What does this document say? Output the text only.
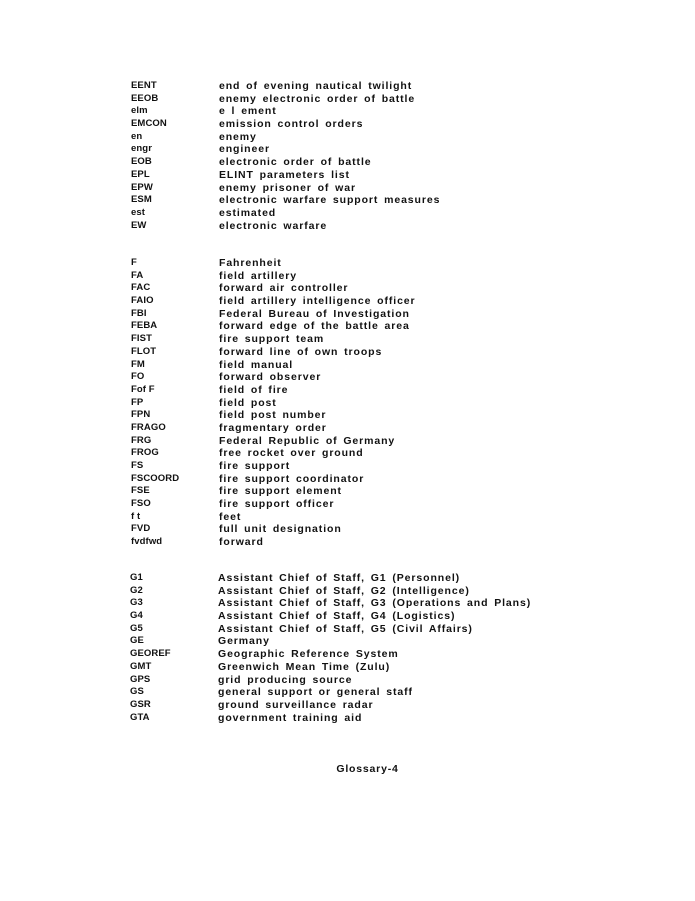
EENT	end of evening nautical twilight
EEOB	enemy electronic order of battle
elm	e l ement
EMCON	emission control orders
en	enemy
engr	engineer
EOB	electronic order of battle
EPL	ELINT parameters list
EPW	enemy prisoner of war
ESM	electronic warfare support measures
est	estimated
EW	electronic warfare
F	Fahrenheit
FA	field artillery
FAC	forward air controller
FAIO	field artillery intelligence officer
FBI	Federal Bureau of Investigation
FEBA	forward edge of the battle area
FIST	fire support team
FLOT	forward line of own troops
FM	field manual
FO	forward observer
Fof F	field of fire
FP	field post
FPN	field post number
FRAGO	fragmentary order
FRG	Federal Republic of Germany
FROG	free rocket over ground
FS	fire support
FSCOORD	fire support coordinator
FSE	fire support element
FSO	fire support officer
f t	feet
FVD	full unit designation
fvdfwd	forward
G1	Assistant Chief of Staff, G1 (Personnel)
G2	Assistant Chief of Staff, G2 (Intelligence)
G3	Assistant Chief of Staff, G3 (Operations and Plans)
G4	Assistant Chief of Staff, G4 (Logistics)
G5	Assistant Chief of Staff, G5 (Civil Affairs)
GE	Germany
GEOREF	Geographic Reference System
GMT	Greenwich Mean Time (Zulu)
GPS	grid producing source
GS	general support or general staff
GSR	ground surveillance radar
GTA	government training aid
Glossary-4
